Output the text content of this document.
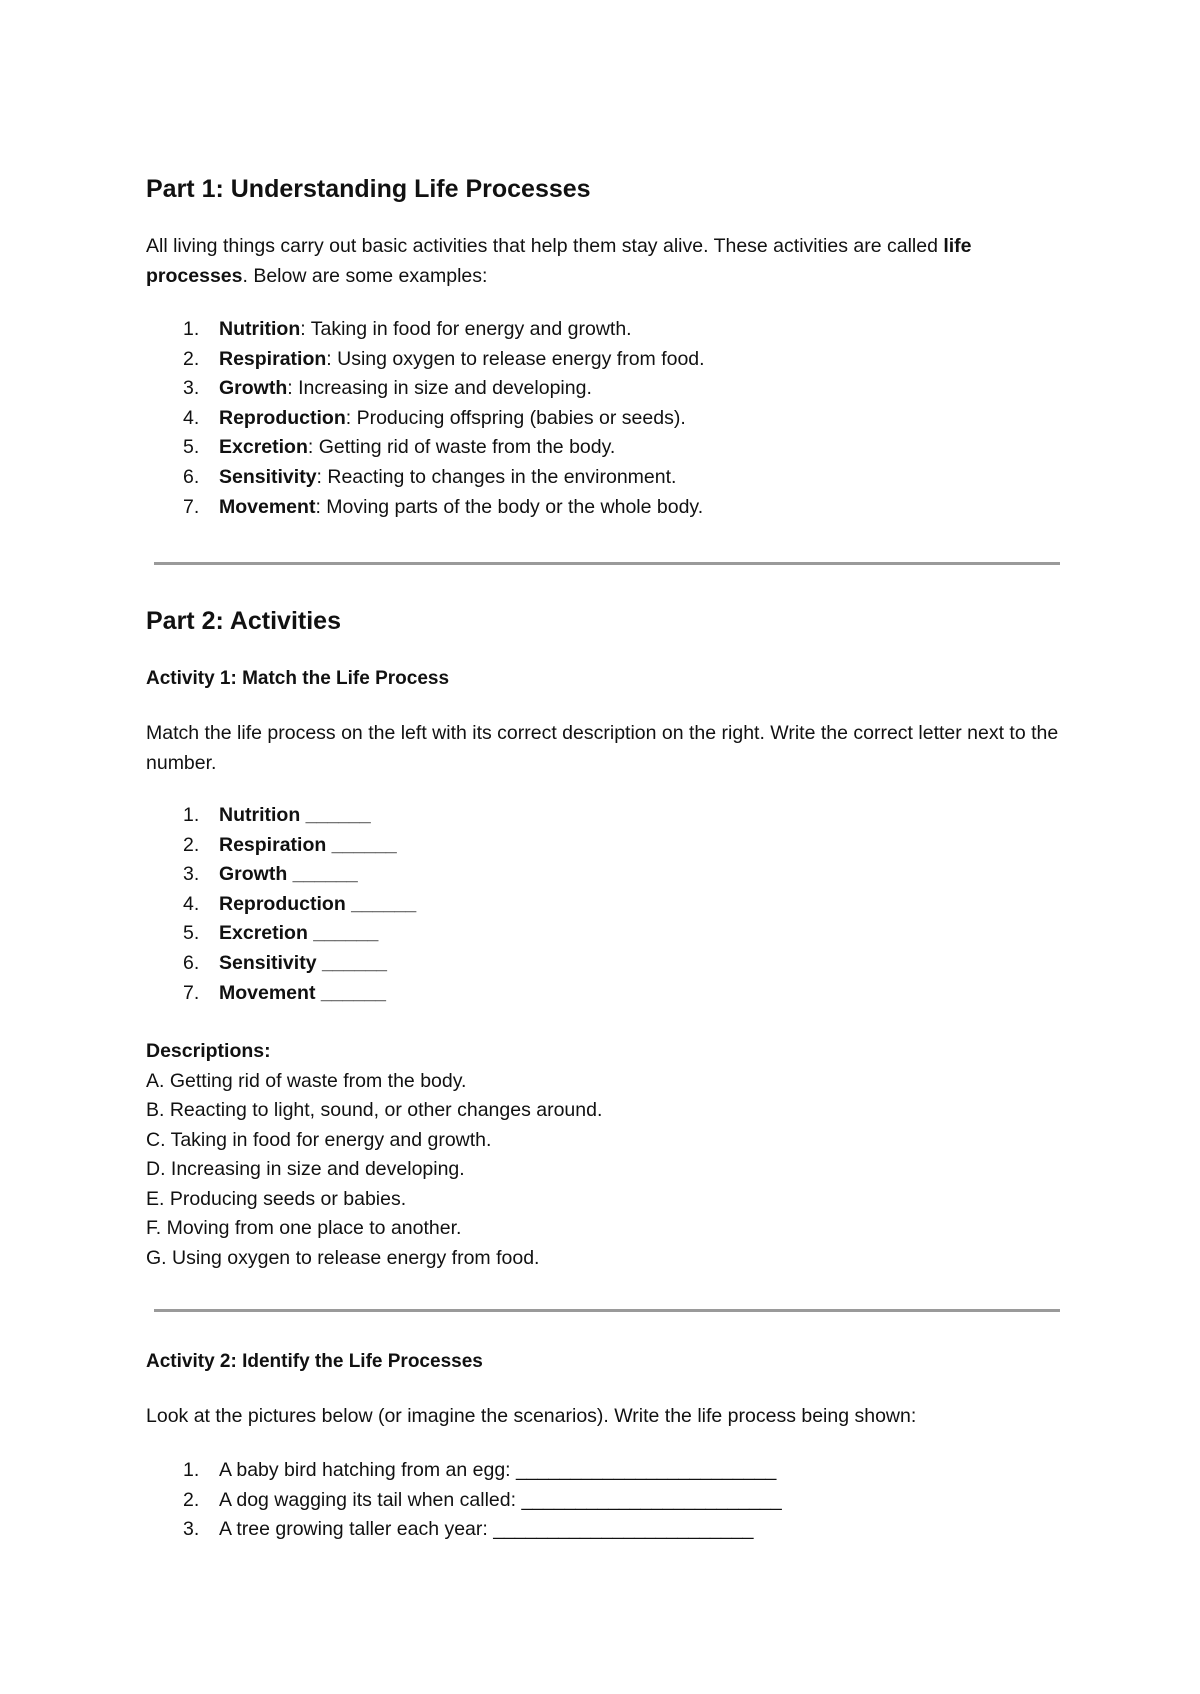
Part 1: Understanding Life Processes

All living things carry out basic activities that help them stay alive. These activities are called life processes. Below are some examples:

1. Nutrition: Taking in food for energy and growth.
2. Respiration: Using oxygen to release energy from food.
3. Growth: Increasing in size and developing.
4. Reproduction: Producing offspring (babies or seeds).
5. Excretion: Getting rid of waste from the body.
6. Sensitivity: Reacting to changes in the environment.
7. Movement: Moving parts of the body or the whole body.
Part 2: Activities
Activity 1: Match the Life Process

Match the life process on the left with its correct description on the right. Write the correct letter next to the number.

1. Nutrition ______
2. Respiration ______
3. Growth ______
4. Reproduction ______
5. Excretion ______
6. Sensitivity ______
7. Movement ______
Descriptions:
A. Getting rid of waste from the body.
B. Reacting to light, sound, or other changes around.
C. Taking in food for energy and growth.
D. Increasing in size and developing.
E. Producing seeds or babies.
F. Moving from one place to another.
G. Using oxygen to release energy from food.
Activity 2: Identify the Life Processes

Look at the pictures below (or imagine the scenarios). Write the life process being shown:

1. A baby bird hatching from an egg: ________________________
2. A dog wagging its tail when called: ________________________
3. A tree growing taller each year: ________________________
